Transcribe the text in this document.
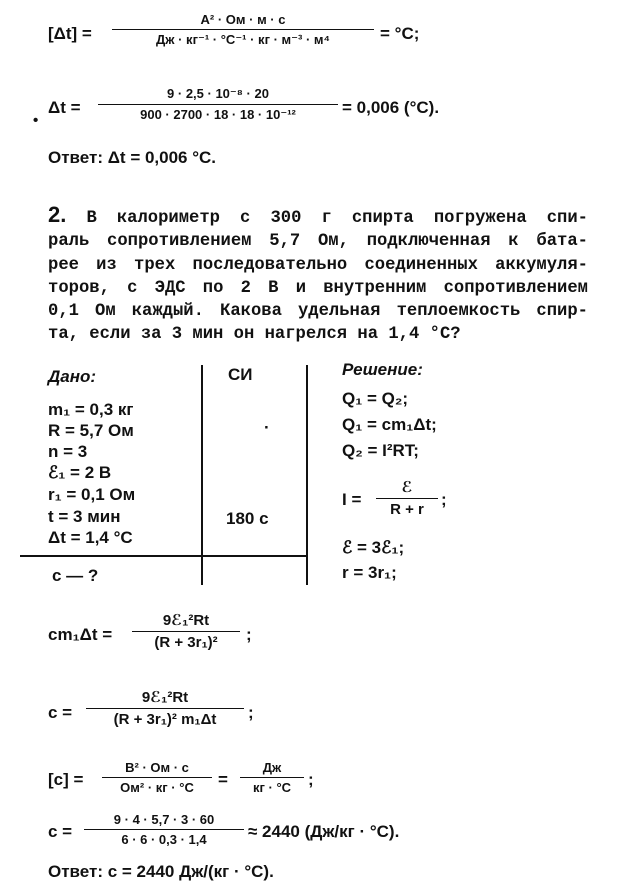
[Δt] =
А² · Ом · м · с
Дж · кг⁻¹ · °С⁻¹ · кг · м⁻³ · м⁴	= °С;
•
Δt =
9 · 2,5 · 10⁻⁸ · 20
900 · 2700 · 18 · 18 · 10⁻¹²	= 0,006 (°С).
Ответ: Δt = 0,006 °С.
2. В калориметр с 300 г спирта погружена спи-
раль сопротивлением 5,7 Ом, подключенная к бата-
рее из трех последовательно соединенных аккумуля-
торов, с ЭДС по 2 В и внутренним сопротивлением
0,1 Ом каждый. Какова удельная теплоемкость спир-
та, если за 3 мин он нагрелся на 1,4 °С?
Дано:
m₁ = 0,3 кг
R = 5,7 Ом
n = 3
ℰ₁ = 2 В
r₁ = 0,1 Ом
t = 3 мин
Δt = 1,4 °С
c — ?
СИ
·
180 с
Решение:
Q₁ = Q₂;
Q₁ = cm₁Δt;
Q₂ = I²RT;
I =
ℰ
R + r
;
ℰ = 3ℰ₁;
r = 3r₁;
cm₁Δt =
9ℰ₁²Rt
(R + 3r₁)²	;
c =
9ℰ₁²Rt
(R + 3r₁)² m₁Δt	;
[c] =
В² · Ом · с
Ом² · кг · °С	=
Дж
кг · °С ;
c =
9 · 4 · 5,7 · 3 · 60
6 · 6 · 0,3 · 1,4	≈ 2440 (Дж/кг · °С).
Ответ: c = 2440 Дж/(кг · °С).
